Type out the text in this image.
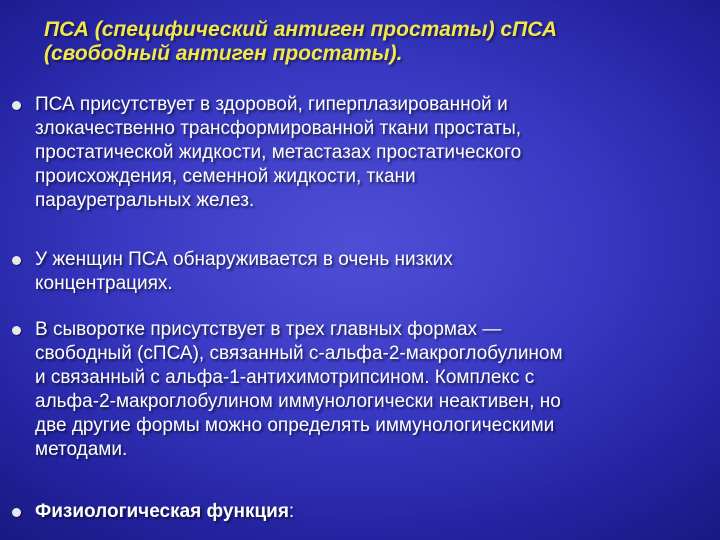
ПСА (специфический антиген простаты) сПСА
(свободный антиген простаты).
ПСА присутствует в здоровой, гиперплазированной и
злокачественно трансформированной ткани простаты,
простатической жидкости, метастазах простатического
происхождения, семенной жидкости, ткани
парауретральных желез.
У женщин ПСА обнаруживается в очень низких
концентрациях.
В сыворотке присутствует в трех главных формах —
свободный (сПСА), связанный с-альфа-2-макроглобулином
и связанный с альфа-1-антихимотрипсином. Комплекс с
альфа-2-макроглобулином иммунологически неактивен, но
две другие формы можно определять иммунологическими
методами.
Физиологическая функция:
